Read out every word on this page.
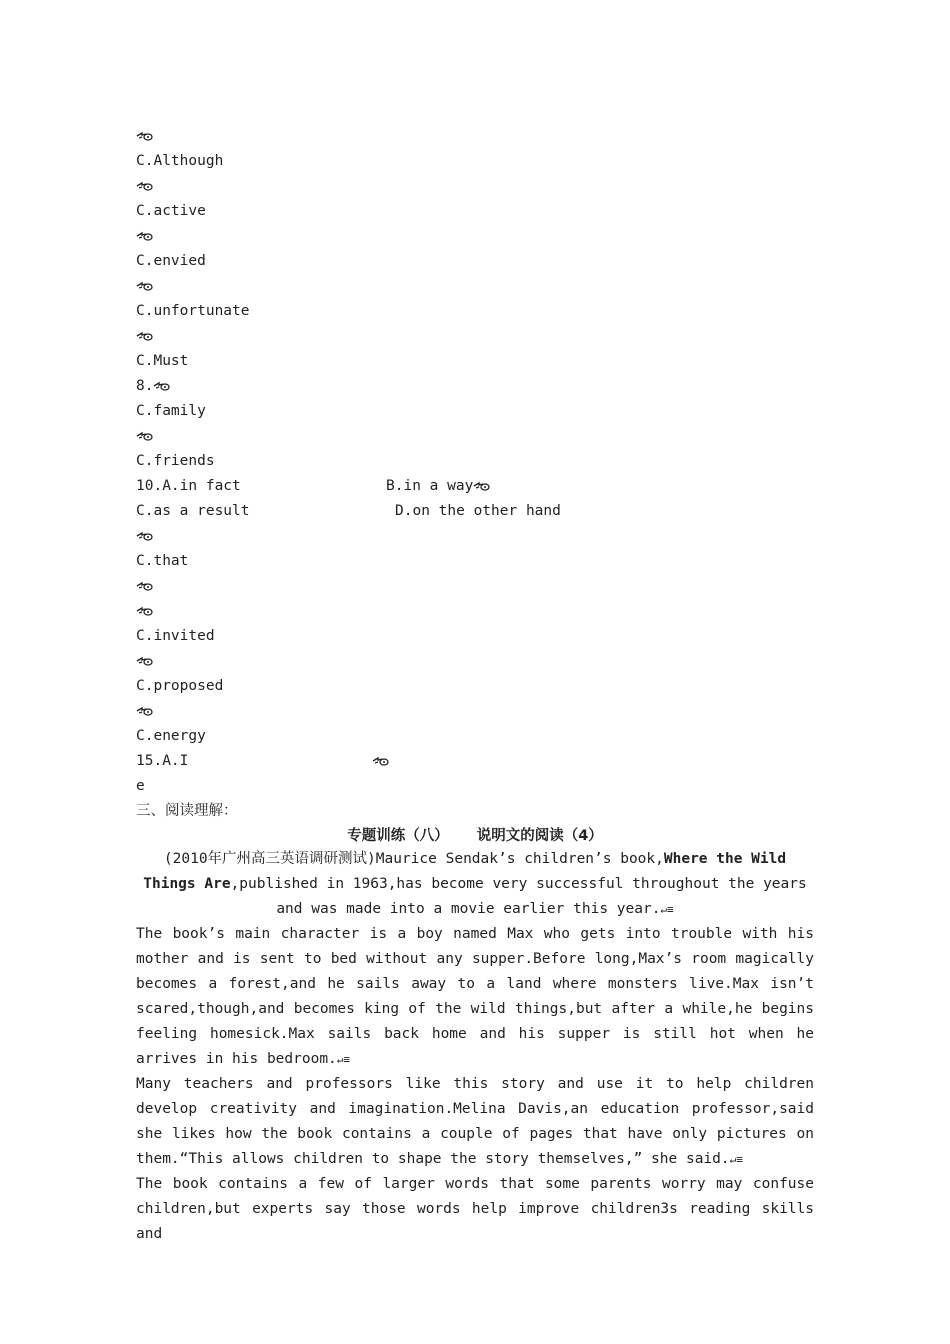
C.Although
C.active
C.envied
C.unfortunate
C.Must
8.
C.family
C.friends
10.A.in fact	B.in a way
C.as a result	D.on the other hand
C.that
C.invited
C.proposed
C.energy
15.A.I
e
三、阅读理解：
专题训练（八） 说明文的阅读（4）
(2010年广州高三英语调研测试)Maurice Sendak’s children’s book,Where the Wild Things Are,published in 1963,has become very successful throughout the years and was made into a movie earlier this year.↵≡
The book’s main character is a boy named Max who gets into trouble with his mother and is sent to bed without any supper.Before long,Max’s room magically becomes a forest,and he sails away to a land where monsters live.Max isn’t scared,though,and becomes king of the wild things,but after a while,he begins feeling homesick.Max sails back home and his supper is still hot when he arrives in his bedroom.↵≡
Many teachers and professors like this story and use it to help children develop creativity and imagination.Melina Davis,an education professor,said she likes how the book contains a couple of pages that have only pictures on them.“This allows children to shape the story themselves,” she said.↵≡
The book contains a few of larger words that some parents worry may confuse children,but experts say those words help improve children3s reading skills and
